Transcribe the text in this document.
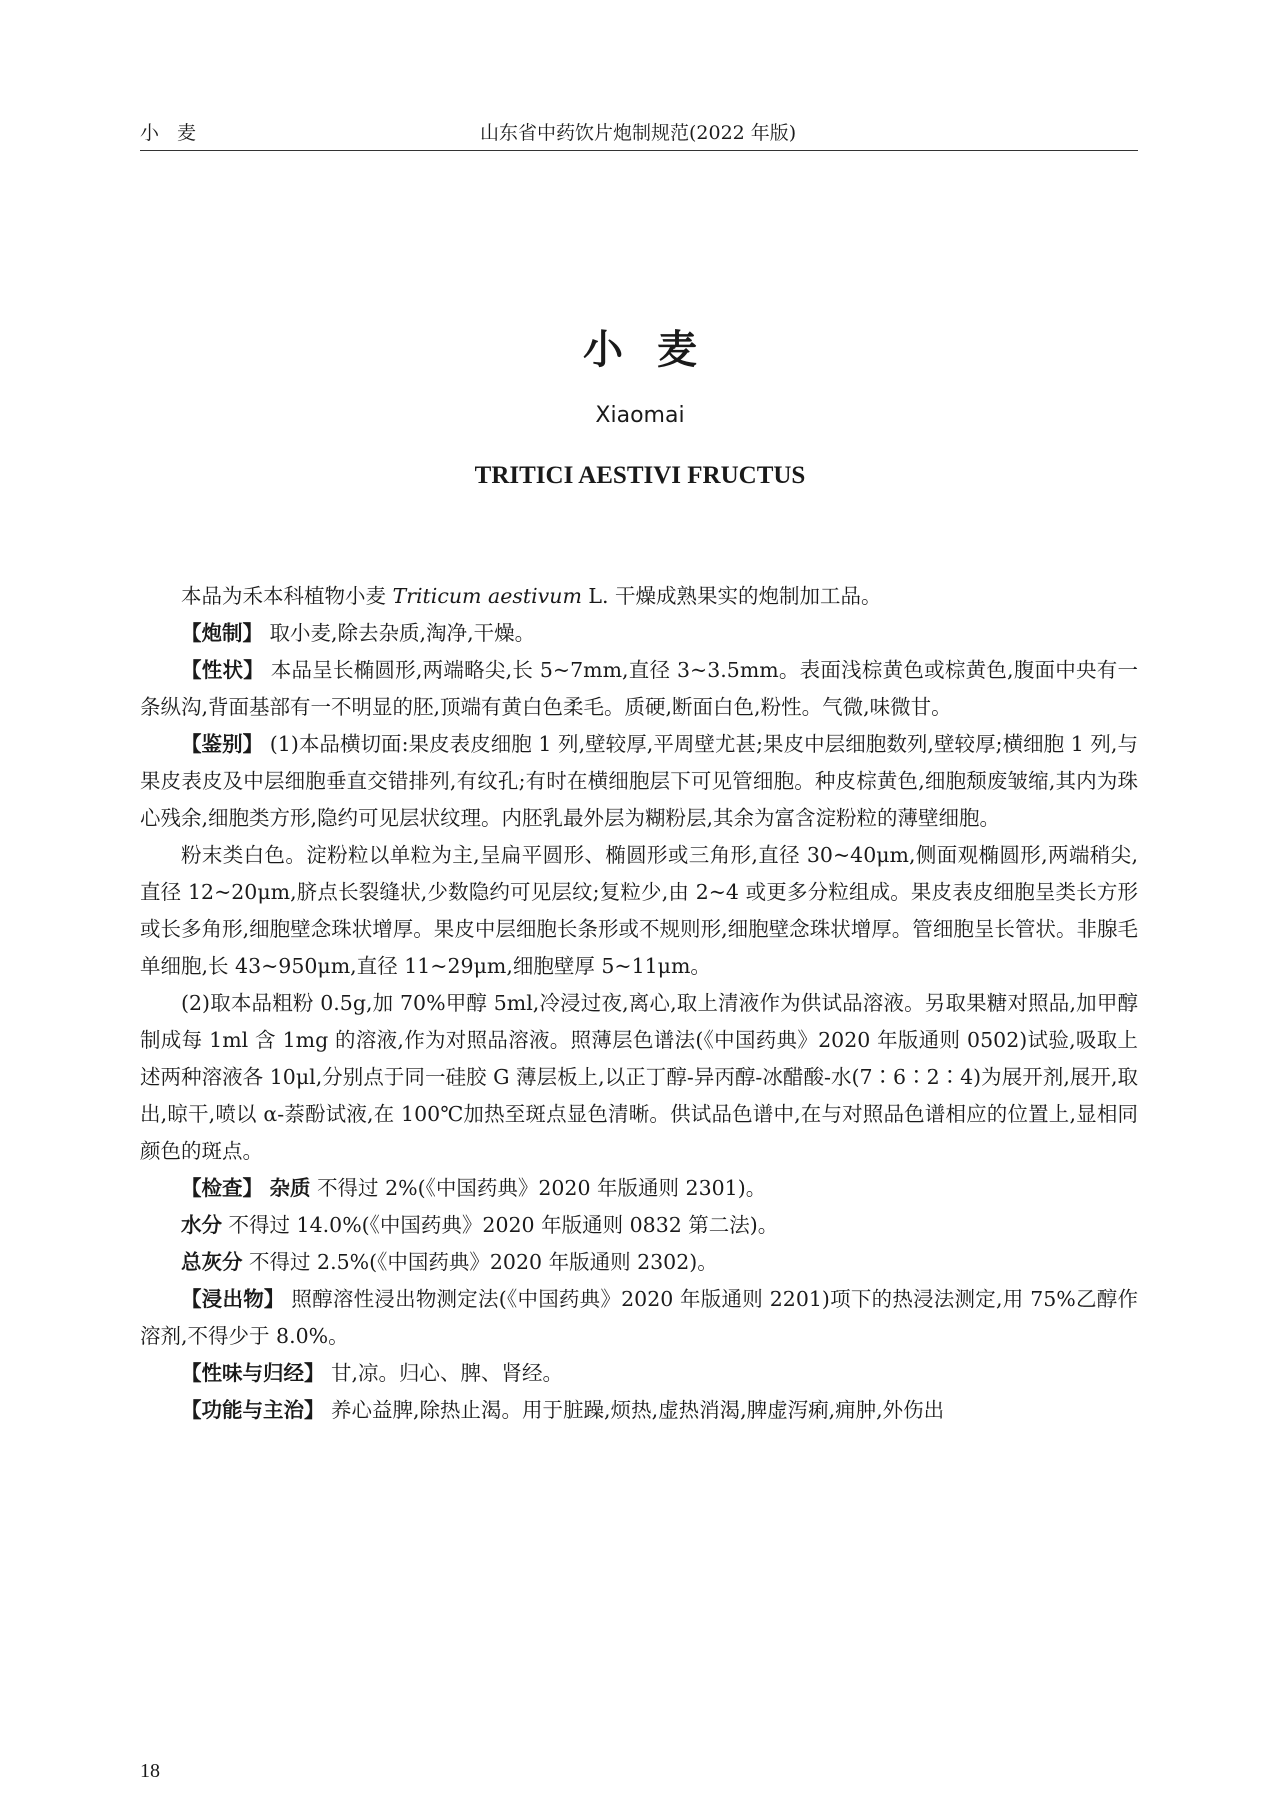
小麦	山东省中药饮片炮制规范(2022 年版)
小麦
Xiaomai
TRITICI AESTIVI FRUCTUS

本品为禾本科植物小麦 Triticum aestivum L. 干燥成熟果实的炮制加工品。

【炮制】 取小麦,除去杂质,淘净,干燥。

【性状】 本品呈长椭圆形,两端略尖,长 5~7mm,直径 3~3.5mm。表面浅棕黄色或棕黄色,腹面中央有一条纵沟,背面基部有一不明显的胚,顶端有黄白色柔毛。质硬,断面白色,粉性。气微,味微甘。

【鉴别】 (1)本品横切面:果皮表皮细胞 1 列,壁较厚,平周壁尤甚;果皮中层细胞数列,壁较厚;横细胞 1 列,与果皮表皮及中层细胞垂直交错排列,有纹孔;有时在横细胞层下可见管细胞。种皮棕黄色,细胞颓废皱缩,其内为珠心残余,细胞类方形,隐约可见层状纹理。内胚乳最外层为糊粉层,其余为富含淀粉粒的薄壁细胞。

粉末类白色。淀粉粒以单粒为主,呈扁平圆形、椭圆形或三角形,直径 30~40μm,侧面观椭圆形,两端稍尖,直径 12~20μm,脐点长裂缝状,少数隐约可见层纹;复粒少,由 2~4 或更多分粒组成。果皮表皮细胞呈类长方形或长多角形,细胞壁念珠状增厚。果皮中层细胞长条形或不规则形,细胞壁念珠状增厚。管细胞呈长管状。非腺毛单细胞,长 43~950μm,直径 11~29μm,细胞壁厚 5~11μm。

(2)取本品粗粉 0.5g,加 70%甲醇 5ml,冷浸过夜,离心,取上清液作为供试品溶液。另取果糖对照品,加甲醇制成每 1ml 含 1mg 的溶液,作为对照品溶液。照薄层色谱法(《中国药典》2020 年版通则 0502)试验,吸取上述两种溶液各 10μl,分别点于同一硅胶 G 薄层板上,以正丁醇-异丙醇-冰醋酸-水(7∶6∶2∶4)为展开剂,展开,取出,晾干,喷以 α-萘酚试液,在 100℃加热至斑点显色清晰。供试品色谱中,在与对照品色谱相应的位置上,显相同颜色的斑点。

【检查】 杂质 不得过 2%(《中国药典》2020 年版通则 2301)。

水分 不得过 14.0%(《中国药典》2020 年版通则 0832 第二法)。

总灰分 不得过 2.5%(《中国药典》2020 年版通则 2302)。

【浸出物】 照醇溶性浸出物测定法(《中国药典》2020 年版通则 2201)项下的热浸法测定,用 75%乙醇作溶剂,不得少于 8.0%。

【性味与归经】 甘,凉。归心、脾、肾经。

【功能与主治】 养心益脾,除热止渴。用于脏躁,烦热,虚热消渴,脾虚泻痢,痈肿,外伤出

18
